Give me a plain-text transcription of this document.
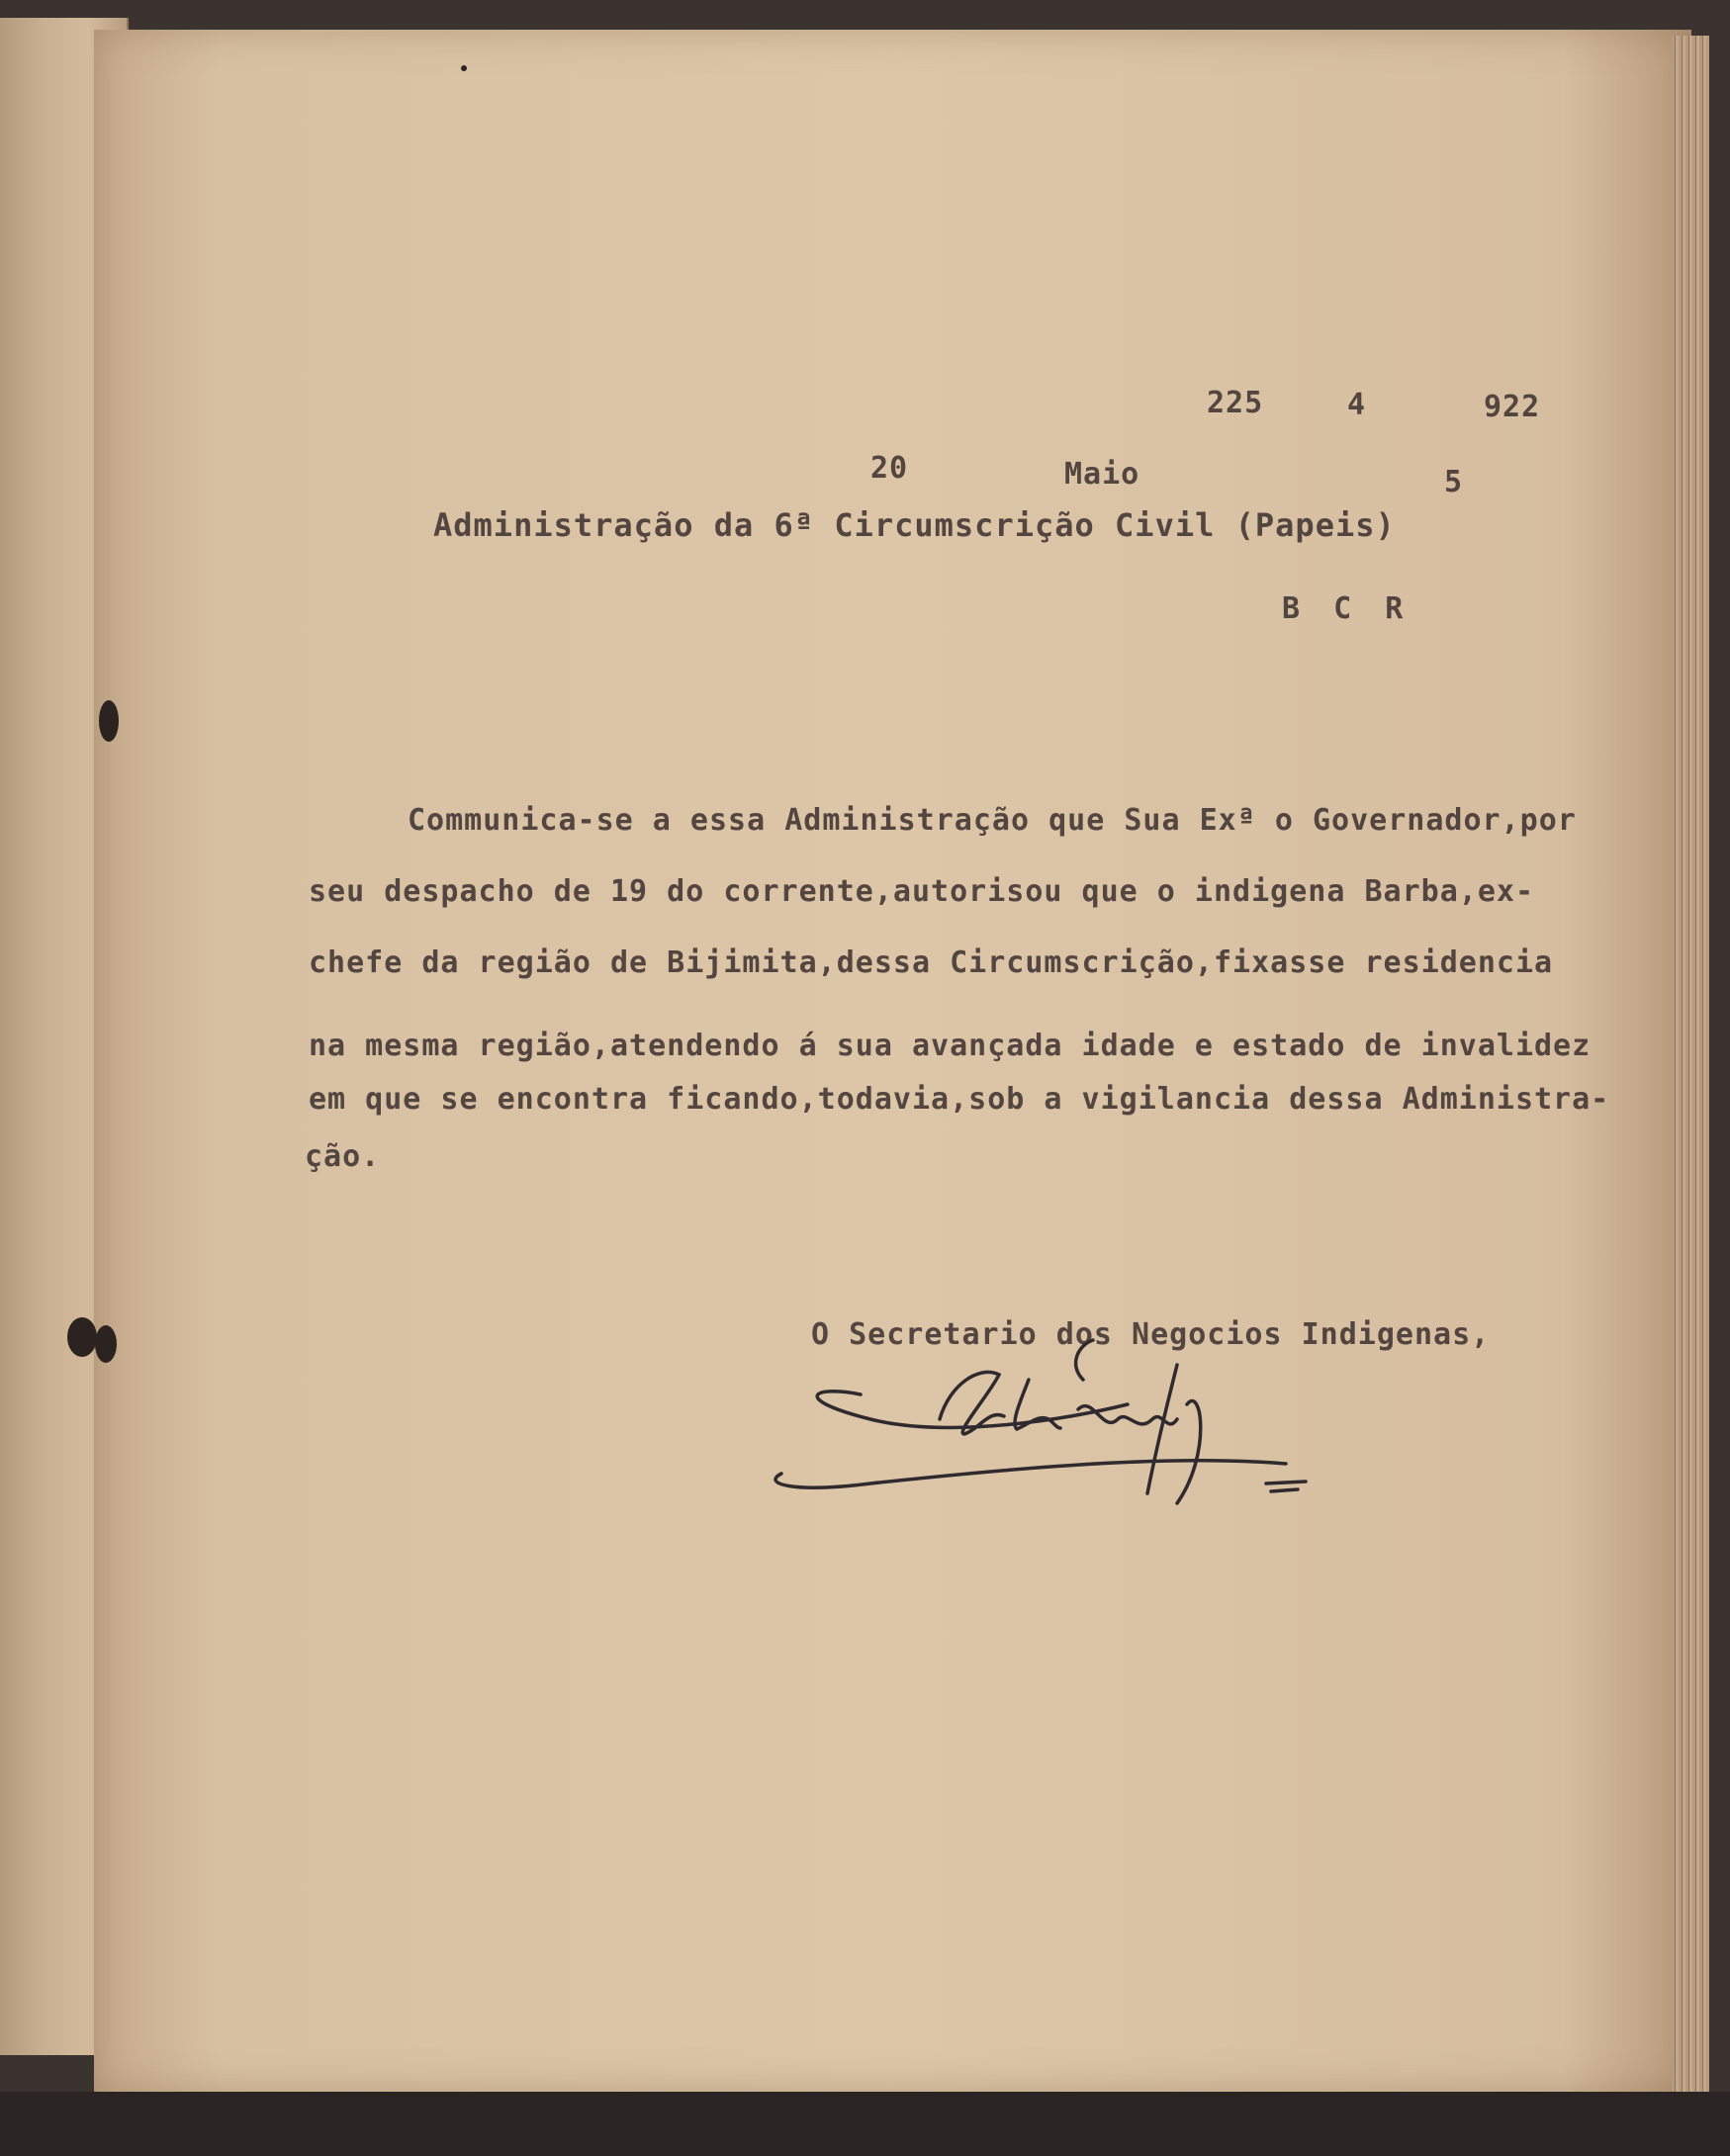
225	4	922
20	Maio	5
Administração da 6ª Circumscrição Civil (Papeis)
B C R
Communica-se a essa Administração que Sua Exª o Governador,por
seu despacho de 19 do corrente,autorisou que o indigena Barba,ex-
chefe da região de Bijimita,dessa Circumscrição,fixasse residencia
na mesma região,atendendo á sua avançada idade e estado de invalidez
em que se encontra ficando,todavia,sob a vigilancia dessa Administra-
ção.
O Secretario dos Negocios Indigenas,
